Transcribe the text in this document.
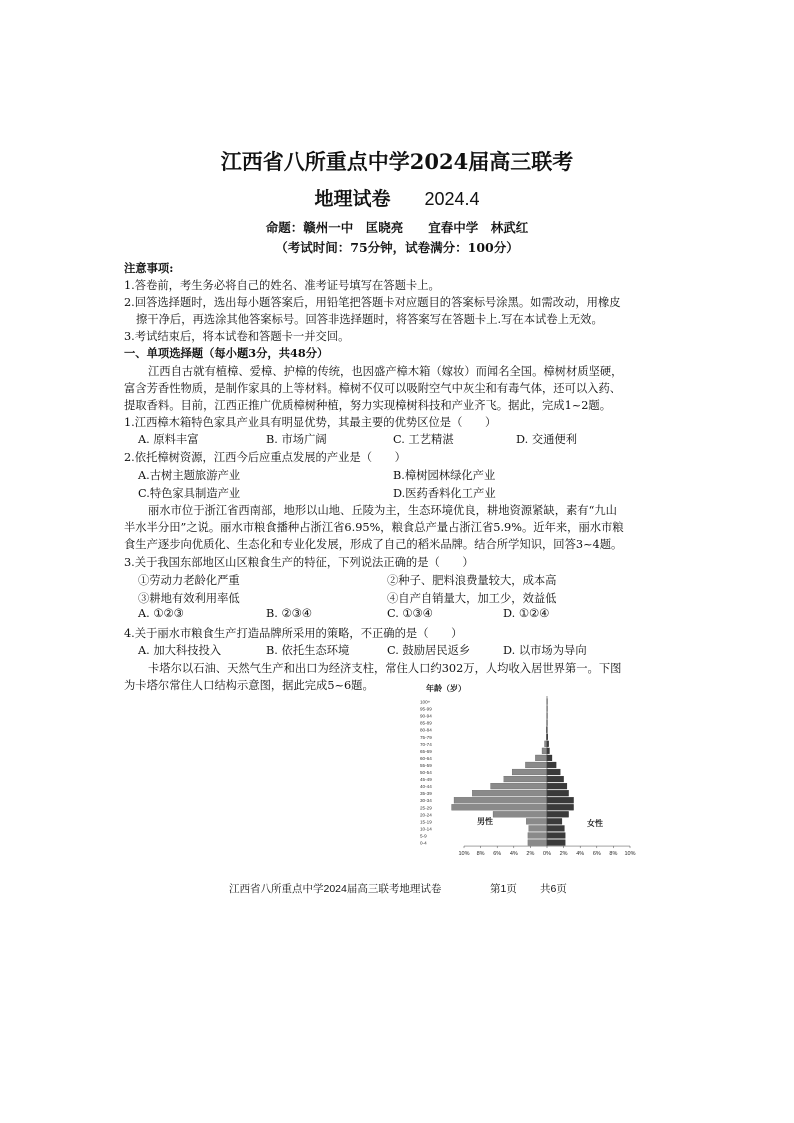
江西省八所重点中学2024届高三联考
地理试卷 2024.4
命题：赣州一中　匡晓亮　　宜春中学　林武红
（考试时间：75分钟，试卷满分：100分）
注意事项:
1.答卷前，考生务必将自己的姓名、准考证号填写在答题卡上。
2.回答选择题时，选出每小题答案后，用铅笔把答题卡对应题目的答案标号涂黑。如需改动，用橡皮
擦干净后，再选涂其他答案标号。回答非选择题时，将答案写在答题卡上.写在本试卷上无效。
3.考试结束后，将本试卷和答题卡一并交回。
一、单项选择题（每小题3分，共48分）
江西自古就有植樟、爱樟、护樟的传统，也因盛产樟木箱（嫁妆）而闻名全国。樟树材质坚硬，
富含芳香性物质，是制作家具的上等材料。樟树不仅可以吸附空气中灰尘和有毒气体，还可以入药、
提取香料。目前，江西正推广优质樟树种植，努力实现樟树科技和产业齐飞。据此，完成1~2题。
1.江西樟木箱特色家具产业具有明显优势，其最主要的优势区位是（　　）
A. 原料丰富	B. 市场广阔	C. 工艺精湛	D. 交通便利
2.依托樟树资源，江西今后应重点发展的产业是（　　）
A.古树主题旅游产业	B.樟树园林绿化产业
C.特色家具制造产业	D.医药香料化工产业
丽水市位于浙江省西南部，地形以山地、丘陵为主，生态环境优良，耕地资源紧缺，素有“九山
半水半分田”之说。丽水市粮食播种占浙江省6.95%，粮食总产量占浙江省5.9%。近年来，丽水市粮
食生产逐步向优质化、生态化和专业化发展，形成了自己的稻米品牌。结合所学知识，回答3~4题。
3.关于我国东部地区山区粮食生产的特征，下列说法正确的是（　　）
①劳动力老龄化严重	②种子、肥料浪费量较大，成本高
③耕地有效利用率低	④自产自销量大，加工少，效益低
A. ①②③	B. ②③④	C. ①③④	D. ①②④
4.关于丽水市粮食生产打造品牌所采用的策略，不正确的是（　　）
A. 加大科技投入	B. 依托生态环境	C. 鼓励居民返乡	D. 以市场为导向
卡塔尔以石油、天然气生产和出口为经济支柱，常住人口约302万，人均收入居世界第一。下图
为卡塔尔常住人口结构示意图，据此完成5~6题。	年龄（岁）
0-4
5-9
10-14
15-19
20-24
25-29
30-34
35-39
40-44
45-49
50-54
55-59
60-64
65-69
70-74
75-79
80-84
85-89
90-94
95-99
100+
10% 8% 6% 4% 2% 0% 2% 4% 6% 8% 10%
男性	女性
江西省八所重点中学2024届高三联考地理试卷	第1页 共6页
